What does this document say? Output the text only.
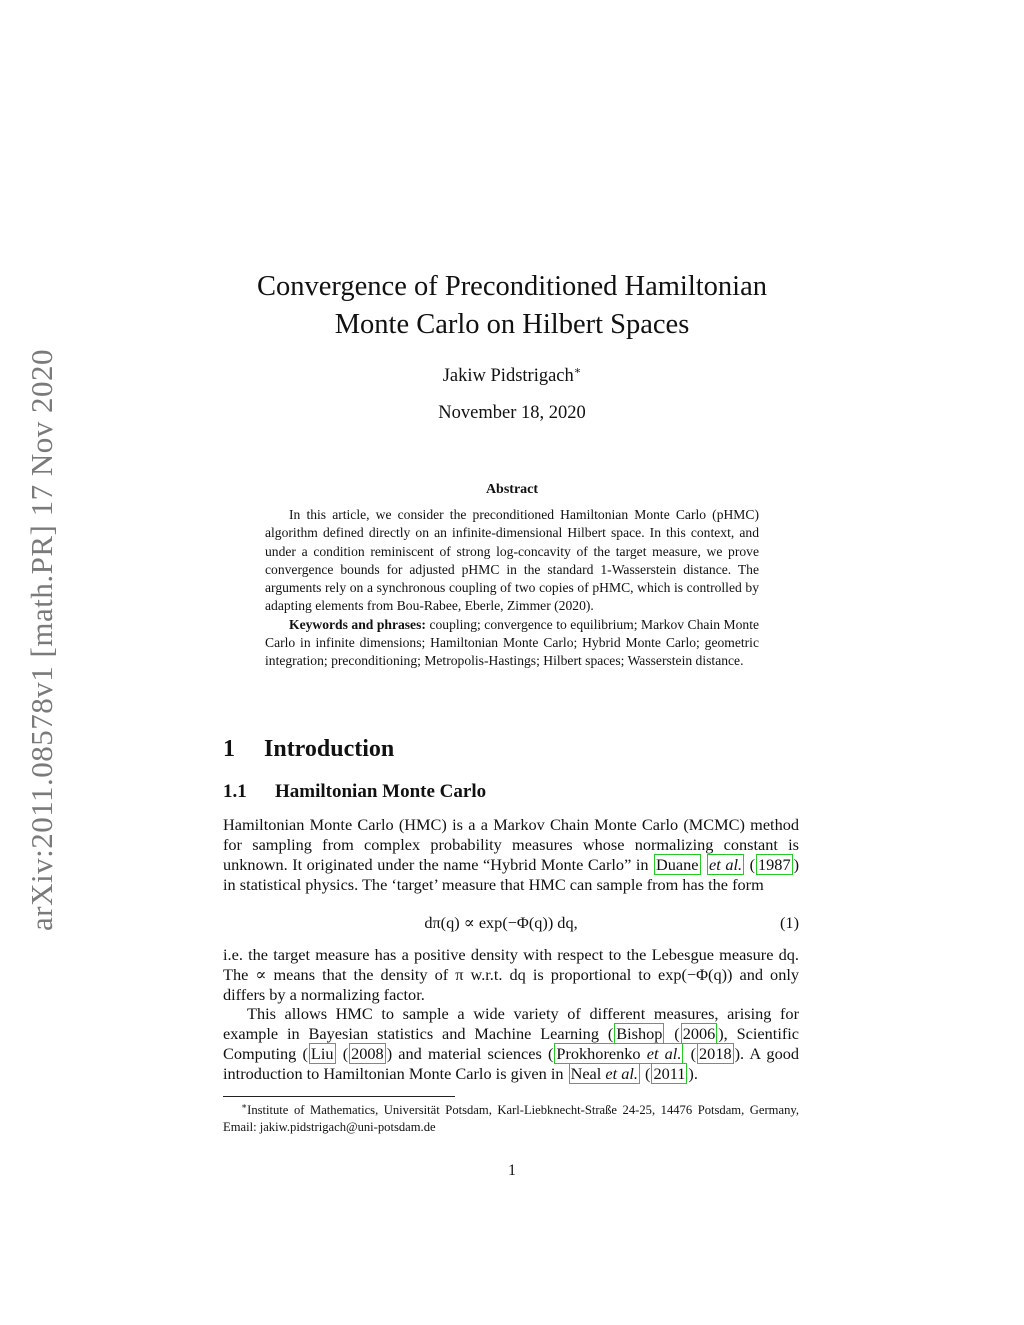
arXiv:2011.08578v1 [math.PR] 17 Nov 2020
Convergence of Preconditioned Hamiltonian
Monte Carlo on Hilbert Spaces
Jakiw Pidstrigach∗
November 18, 2020
Abstract

In this article, we consider the preconditioned Hamiltonian Monte Carlo (pHMC) algorithm defined directly on an infinite-dimensional Hilbert space. In this context, and under a condition reminiscent of strong log-concavity of the target measure, we prove convergence bounds for adjusted pHMC in the standard 1-Wasserstein distance. The arguments rely on a synchronous coupling of two copies of pHMC, which is controlled by adapting elements from Bou-Rabee, Eberle, Zimmer (2020).

Keywords and phrases: coupling; convergence to equilibrium; Markov Chain Monte Carlo in infinite dimensions; Hamiltonian Monte Carlo; Hybrid Monte Carlo; geometric integration; preconditioning; Metropolis-Hastings; Hilbert spaces; Wasserstein distance.

1 Introduction
1.1 Hamiltonian Monte Carlo

Hamiltonian Monte Carlo (HMC) is a a Markov Chain Monte Carlo (MCMC) method for sampling from complex probability measures whose normalizing constant is unknown. It originated under the name “Hybrid Monte Carlo” in Duane et al. ( 1987 ) in statistical physics. The ‘target’ measure that HMC can sample from has the form

dπ(q) ∝ exp(−Φ(q)) dq,	(1)

i.e. the target measure has a positive density with respect to the Lebesgue measure dq. The ∝ means that the density of π w.r.t. dq is proportional to exp(−Φ(q)) and only differs by a normalizing factor.

This allows HMC to sample a wide variety of different measures, arising for example in Bayesian statistics and Machine Learning ( Bishop ( 2006 ), Scientific Computing ( Liu ( 2008 ) and material sciences ( Prokhorenko et al. ( 2018 ). A good introduction to Hamiltonian Monte Carlo is given in Neal et al. ( 2011 ).

∗Institute of Mathematics, Universität Potsdam, Karl-Liebknecht-Straße 24-25, 14476 Potsdam, Germany, Email: jakiw.pidstrigach@uni-potsdam.de

1
